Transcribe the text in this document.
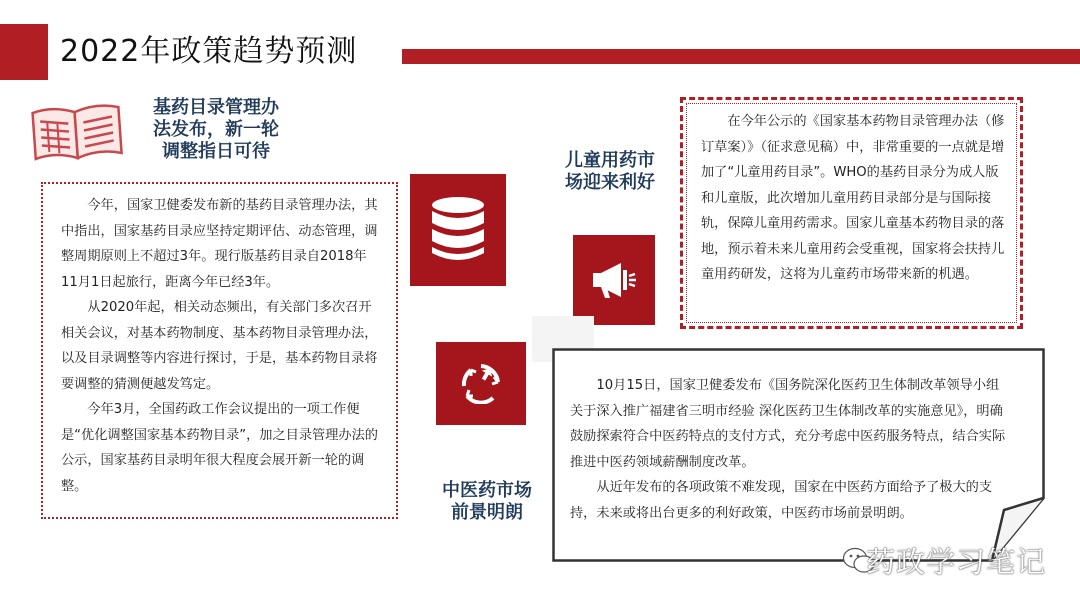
2022年政策趋势预测
基药目录管理办
法发布，新一轮
调整指日可待

今年，国家卫健委发布新的基药目录管理办法，其中指出，国家基药目录应坚持定期评估、动态管理，调整周期原则上不超过3年。现行版基药目录自2018年11月1日起旅行，距离今年已经3年。

从2020年起，相关动态频出，有关部门多次召开相关会议，对基本药物制度、基本药物目录管理办法，以及目录调整等内容进行探讨，于是，基本药物目录将要调整的猜测便越发笃定。

今年3月，全国药政工作会议提出的一项工作便是“优化调整国家基本药物目录”，加之目录管理办法的公示，国家基药目录明年很大程度会展开新一轮的调整。

儿童用药市
场迎来利好

在今年公示的《国家基本药物目录管理办法（修订草案）》（征求意见稿）中，非常重要的一点就是增加了“儿童用药目录”。WHO的基药目录分为成人版和儿童版，此次增加儿童用药目录部分是与国际接轨，保障儿童用药需求。国家儿童基本药物目录的落地，预示着未来儿童用药会受重视，国家将会扶持儿童用药研发，这将为儿童药市场带来新的机遇。

10月15日，国家卫健委发布《国务院深化医药卫生体制改革领导小组关于深入推广福建省三明市经验 深化医药卫生体制改革的实施意见》，明确鼓励探索符合中医药特点的支付方式，充分考虑中医药服务特点，结合实际推进中医药领域薪酬制度改革。

从近年发布的各项政策不难发现，国家在中医药方面给予了极大的支持，未来或将出台更多的利好政策，中医药市场前景明朗。

中医药市场
前景明朗
药政学习笔记
